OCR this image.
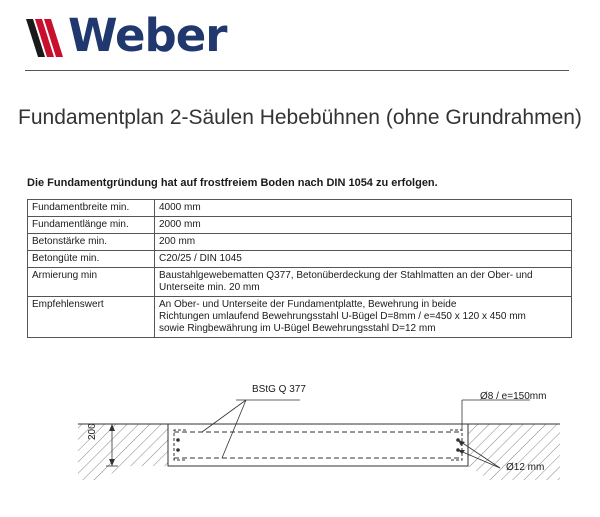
Weber
Fundamentplan 2-Säulen Hebebühnen (ohne Grundrahmen)
Die Fundamentgründung hat auf frostfreiem Boden nach DIN 1054 zu erfolgen.
Fundamentbreite min.	4000 mm
Fundamentlänge min.	2000 mm
Betonstärke min.	200 mm
Betongüte min.	C20/25 / DIN 1045
Armierung min	Baustahlgewebematten Q377, Betonüberdeckung der Stahlmatten an der Ober- und
Unterseite min. 20 mm

Empfehlenswert	An Ober- und Unterseite der Fundamentplatte, Bewehrung in beide
Richtungen umlaufend Bewehrungsstahl U-Bügel D=8mm / e=450 x 120 x 450 mm
sowie Ringbewährung im U-Bügel Bewehrungsstahl D=12 mm
BStG Q 377
Ø8 / e=150mm
Ø12 mm
200
